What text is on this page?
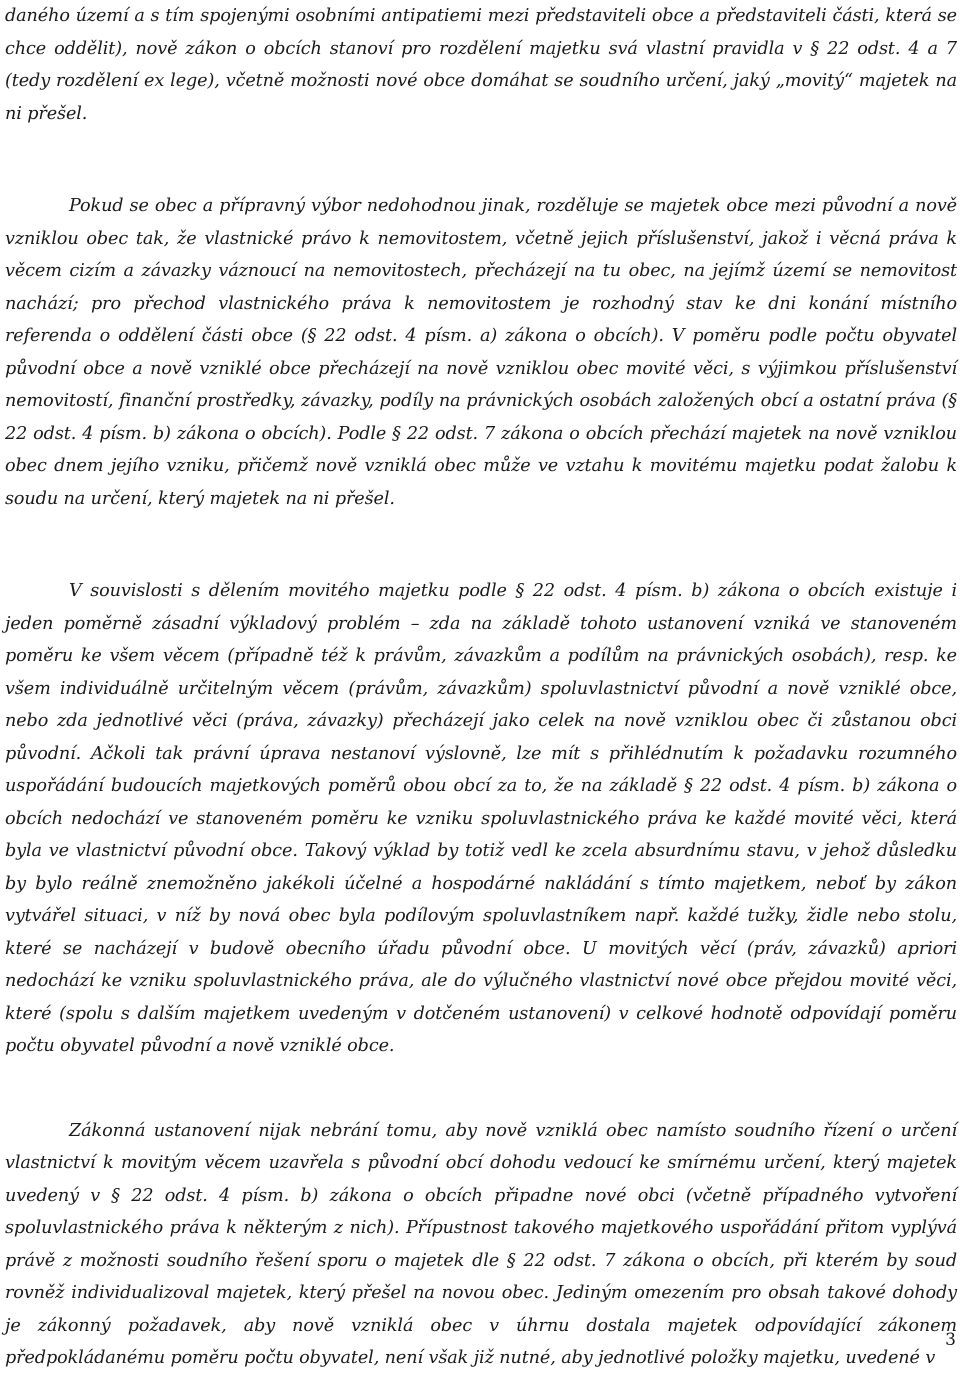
daného území a s tím spojenými osobními antipatiemi mezi představiteli obce a představiteli části, která se chce oddělit), nově zákon o obcích stanoví pro rozdělení majetku svá vlastní pravidla v § 22 odst. 4 a 7 (tedy rozdělení ex lege), včetně možnosti nové obce domáhat se soudního určení, jaký „movitý“ majetek na ni přešel.

Pokud se obec a přípravný výbor nedohodnou jinak, rozděluje se majetek obce mezi původní a nově vzniklou obec tak, že vlastnické právo k nemovitostem, včetně jejich příslušenství, jakož i věcná práva k věcem cizím a závazky váznoucí na nemovitostech, přecházejí na tu obec, na jejímž území se nemovitost nachází; pro přechod vlastnického práva k nemovitostem je rozhodný stav ke dni konání místního referenda o oddělení části obce (§ 22 odst. 4 písm. a) zákona o obcích). V poměru podle počtu obyvatel původní obce a nově vzniklé obce přecházejí na nově vzniklou obec movité věci, s výjimkou příslušenství nemovitostí, finanční prostředky, závazky, podíly na právnických osobách založených obcí a ostatní práva (§ 22 odst. 4 písm. b) zákona o obcích). Podle § 22 odst. 7 zákona o obcích přechází majetek na nově vzniklou obec dnem jejího vzniku, přičemž nově vzniklá obec může ve vztahu k movitému majetku podat žalobu k soudu na určení, který majetek na ni přešel.

V souvislosti s dělením movitého majetku podle § 22 odst. 4 písm. b) zákona o obcích existuje i jeden poměrně zásadní výkladový problém – zda na základě tohoto ustanovení vzniká ve stanoveném poměru ke všem věcem (případně též k právům, závazkům a podílům na právnických osobách), resp. ke všem individuálně určitelným věcem (právům, závazkům) spoluvlastnictví původní a nově vzniklé obce, nebo zda jednotlivé věci (práva, závazky) přecházejí jako celek na nově vzniklou obec či zůstanou obci původní. Ačkoli tak právní úprava nestanoví výslovně, lze mít s přihlédnutím k požadavku rozumného uspořádání budoucích majetkových poměrů obou obcí za to, že na základě § 22 odst. 4 písm. b) zákona o obcích nedochází ve stanoveném poměru ke vzniku spoluvlastnického práva ke každé movité věci, která byla ve vlastnictví původní obce. Takový výklad by totiž vedl ke zcela absurdnímu stavu, v jehož důsledku by bylo reálně znemožněno jakékoli účelné a hospodárné nakládání s tímto majetkem, neboť by zákon vytvářel situaci, v níž by nová obec byla podílovým spoluvlastníkem např. každé tužky, židle nebo stolu, které se nacházejí v budově obecního úřadu původní obce. U movitých věcí (práv, závazků) apriori nedochází ke vzniku spoluvlastnického práva, ale do výlučného vlastnictví nové obce přejdou movité věci, které (spolu s dalším majetkem uvedeným v dotčeném ustanovení) v celkové hodnotě odpovídají poměru počtu obyvatel původní a nově vzniklé obce.

Zákonná ustanovení nijak nebrání tomu, aby nově vzniklá obec namísto soudního řízení o určení vlastnictví k movitým věcem uzavřela s původní obcí dohodu vedoucí ke smírnému určení, který majetek uvedený v § 22 odst. 4 písm. b) zákona o obcích připadne nové obci (včetně případného vytvoření spoluvlastnického práva k některým z nich). Přípustnost takového majetkového uspořádání přitom vyplývá právě z možnosti soudního řešení sporu o majetek dle § 22 odst. 7 zákona o obcích, při kterém by soud rovněž individualizoval majetek, který přešel na novou obec. Jediným omezením pro obsah takové dohody je zákonný požadavek, aby nově vzniklá obec v úhrnu dostala majetek odpovídající zákonem předpokládanému poměru počtu obyvatel, není však již nutné, aby jednotlivé položky majetku, uvedené v

3
